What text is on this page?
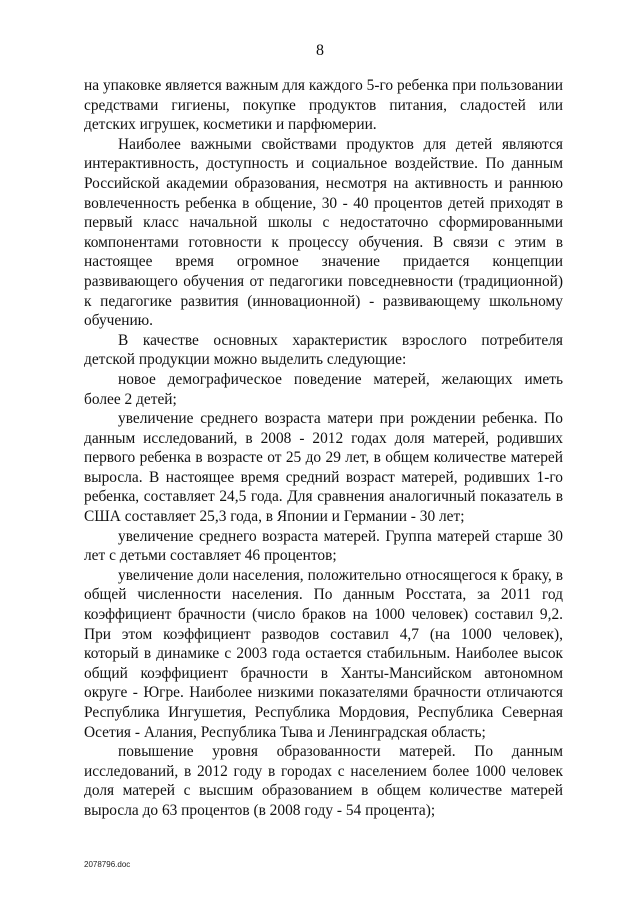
8

на упаковке является важным для каждого 5-го ребенка при пользовании средствами гигиены, покупке продуктов питания, сладостей или детских игрушек, косметики и парфюмерии.

Наиболее важными свойствами продуктов для детей являются интерактивность, доступность и социальное воздействие. По данным Российской академии образования, несмотря на активность и раннюю вовлеченность ребенка в общение, 30 - 40 процентов детей приходят в первый класс начальной школы с недостаточно сформированными компонентами готовности к процессу обучения. В связи с этим в настоящее время огромное значение придается концепции развивающего обучения от педагогики повседневности (традиционной) к педагогике развития (инновационной) - развивающему школьному обучению.

В качестве основных характеристик взрослого потребителя детской продукции можно выделить следующие:

новое демографическое поведение матерей, желающих иметь более 2 детей;

увеличение среднего возраста матери при рождении ребенка. По данным исследований, в 2008 - 2012 годах доля матерей, родивших первого ребенка в возрасте от 25 до 29 лет, в общем количестве матерей выросла. В настоящее время средний возраст матерей, родивших 1-го ребенка, составляет 24,5 года. Для сравнения аналогичный показатель в США составляет 25,3 года, в Японии и Германии - 30 лет;

увеличение среднего возраста матерей. Группа матерей старше 30 лет с детьми составляет 46 процентов;

увеличение доли населения, положительно относящегося к браку, в общей численности населения. По данным Росстата, за 2011 год коэффициент брачности (число браков на 1000 человек) составил 9,2. При этом коэффициент разводов составил 4,7 (на 1000 человек), который в динамике с 2003 года остается стабильным. Наиболее высок общий коэффициент брачности в Ханты-Мансийском автономном округе - Югре. Наиболее низкими показателями брачности отличаются Республика Ингушетия, Республика Мордовия, Республика Северная Осетия - Алания, Республика Тыва и Ленинградская область;

повышение уровня образованности матерей. По данным исследований, в 2012 году в городах с населением более 1000 человек доля матерей с высшим образованием в общем количестве матерей выросла до 63 процентов (в 2008 году - 54 процента);

2078796.doc
